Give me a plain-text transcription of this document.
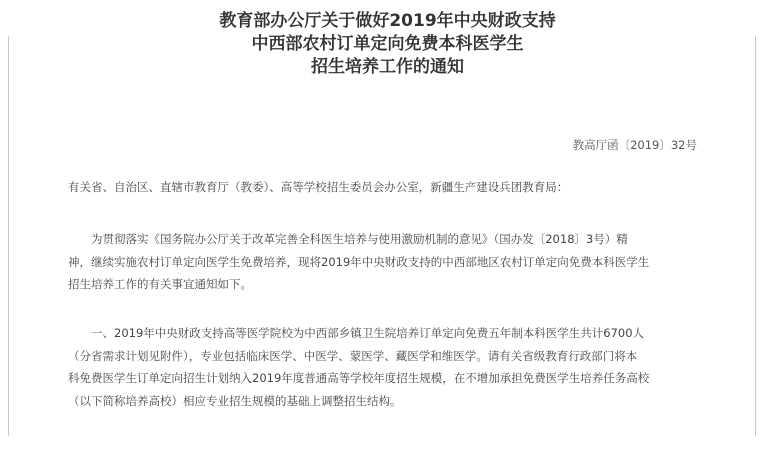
教育部办公厅关于做好2019年中央财政支持
中西部农村订单定向免费本科医学生
招生培养工作的通知
教高厅函〔2019〕32号
有关省、自治区、直辖市教育厅（教委）、高等学校招生委员会办公室，新疆生产建设兵团教育局：
为贯彻落实《国务院办公厅关于改革完善全科医生培养与使用激励机制的意见》（国办发〔2018〕3号）精
神，继续实施农村订单定向医学生免费培养，现将2019年中央财政支持的中西部地区农村订单定向免费本科医学生
招生培养工作的有关事宜通知如下。
一、2019年中央财政支持高等医学院校为中西部乡镇卫生院培养订单定向免费五年制本科医学生共计6700人
（分省需求计划见附件），专业包括临床医学、中医学、蒙医学、藏医学和维医学。请有关省级教育行政部门将本
科免费医学生订单定向招生计划纳入2019年度普通高等学校年度招生规模，在不增加承担免费医学生培养任务高校
（以下简称培养高校）相应专业招生规模的基础上调整招生结构。
